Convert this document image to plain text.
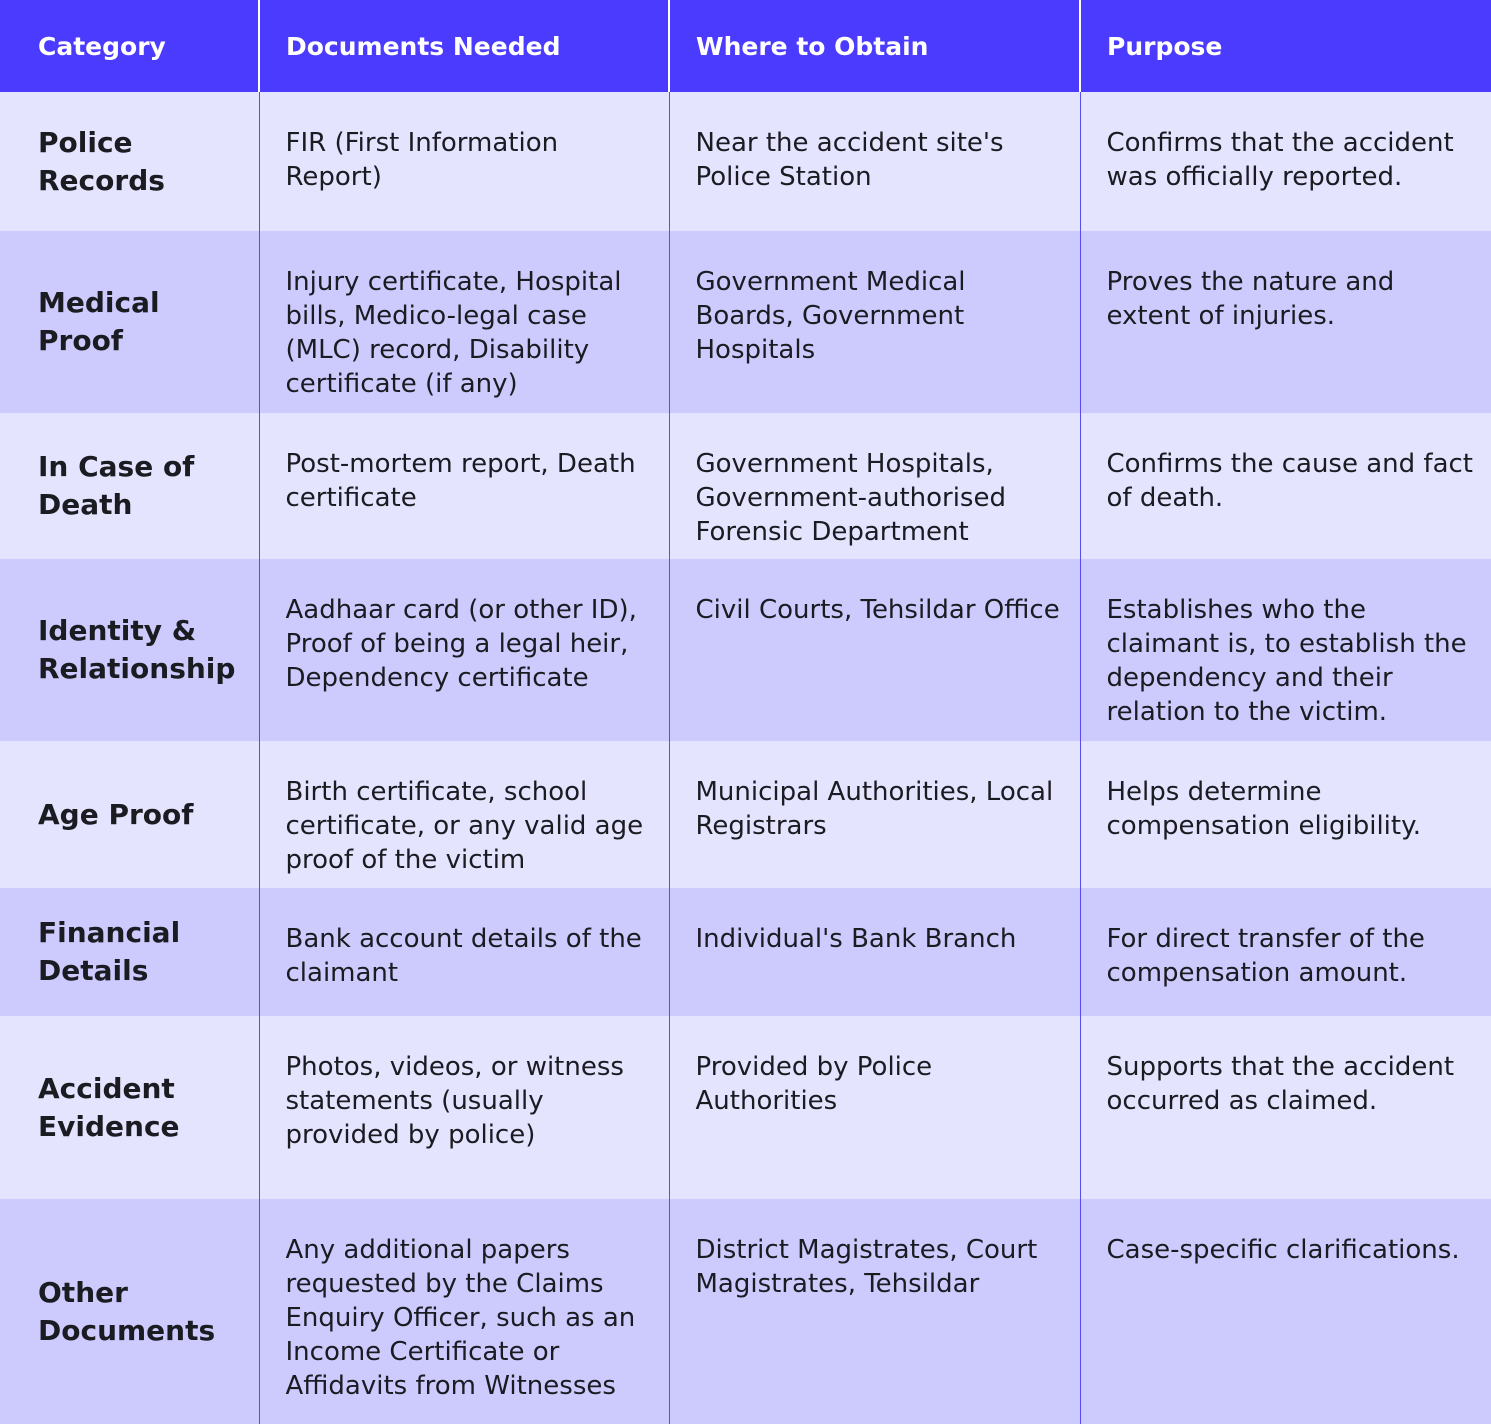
Category	Documents Needed	Where to Obtain	Purpose
Police Records	FIR (First Information Report)	Near the accident site's Police Station	Confirms that the accident was officially reported.
Medical Proof	Injury certificate, Hospital bills, Medico-legal case (MLC) record, Disability certificate (if any)	Government Medical Boards, Government Hospitals	Proves the nature and extent of injuries.
In Case of Death	Post-mortem report, Death certificate	Government Hospitals, Government-authorised Forensic Department	Confirms the cause and fact of death.
Identity & Relationship	Aadhaar card (or other ID), Proof of being a legal heir, Dependency certificate	Civil Courts, Tehsildar Office	Establishes who the claimant is, to establish the dependency and their relation to the victim.
Age Proof	Birth certificate, school certificate, or any valid age proof of the victim	Municipal Authorities, Local Registrars	Helps determine compensation eligibility.
Financial Details	Bank account details of the claimant	Individual's Bank Branch	For direct transfer of the compensation amount.
Accident Evidence	Photos, videos, or witness statements (usually provided by police)	Provided by Police Authorities	Supports that the accident occurred as claimed.
Other Documents	Any additional papers requested by the Claims Enquiry Officer, such as an Income Certificate or Affidavits from Witnesses	District Magistrates, Court Magistrates, Tehsildar	Case-specific clarifications.
